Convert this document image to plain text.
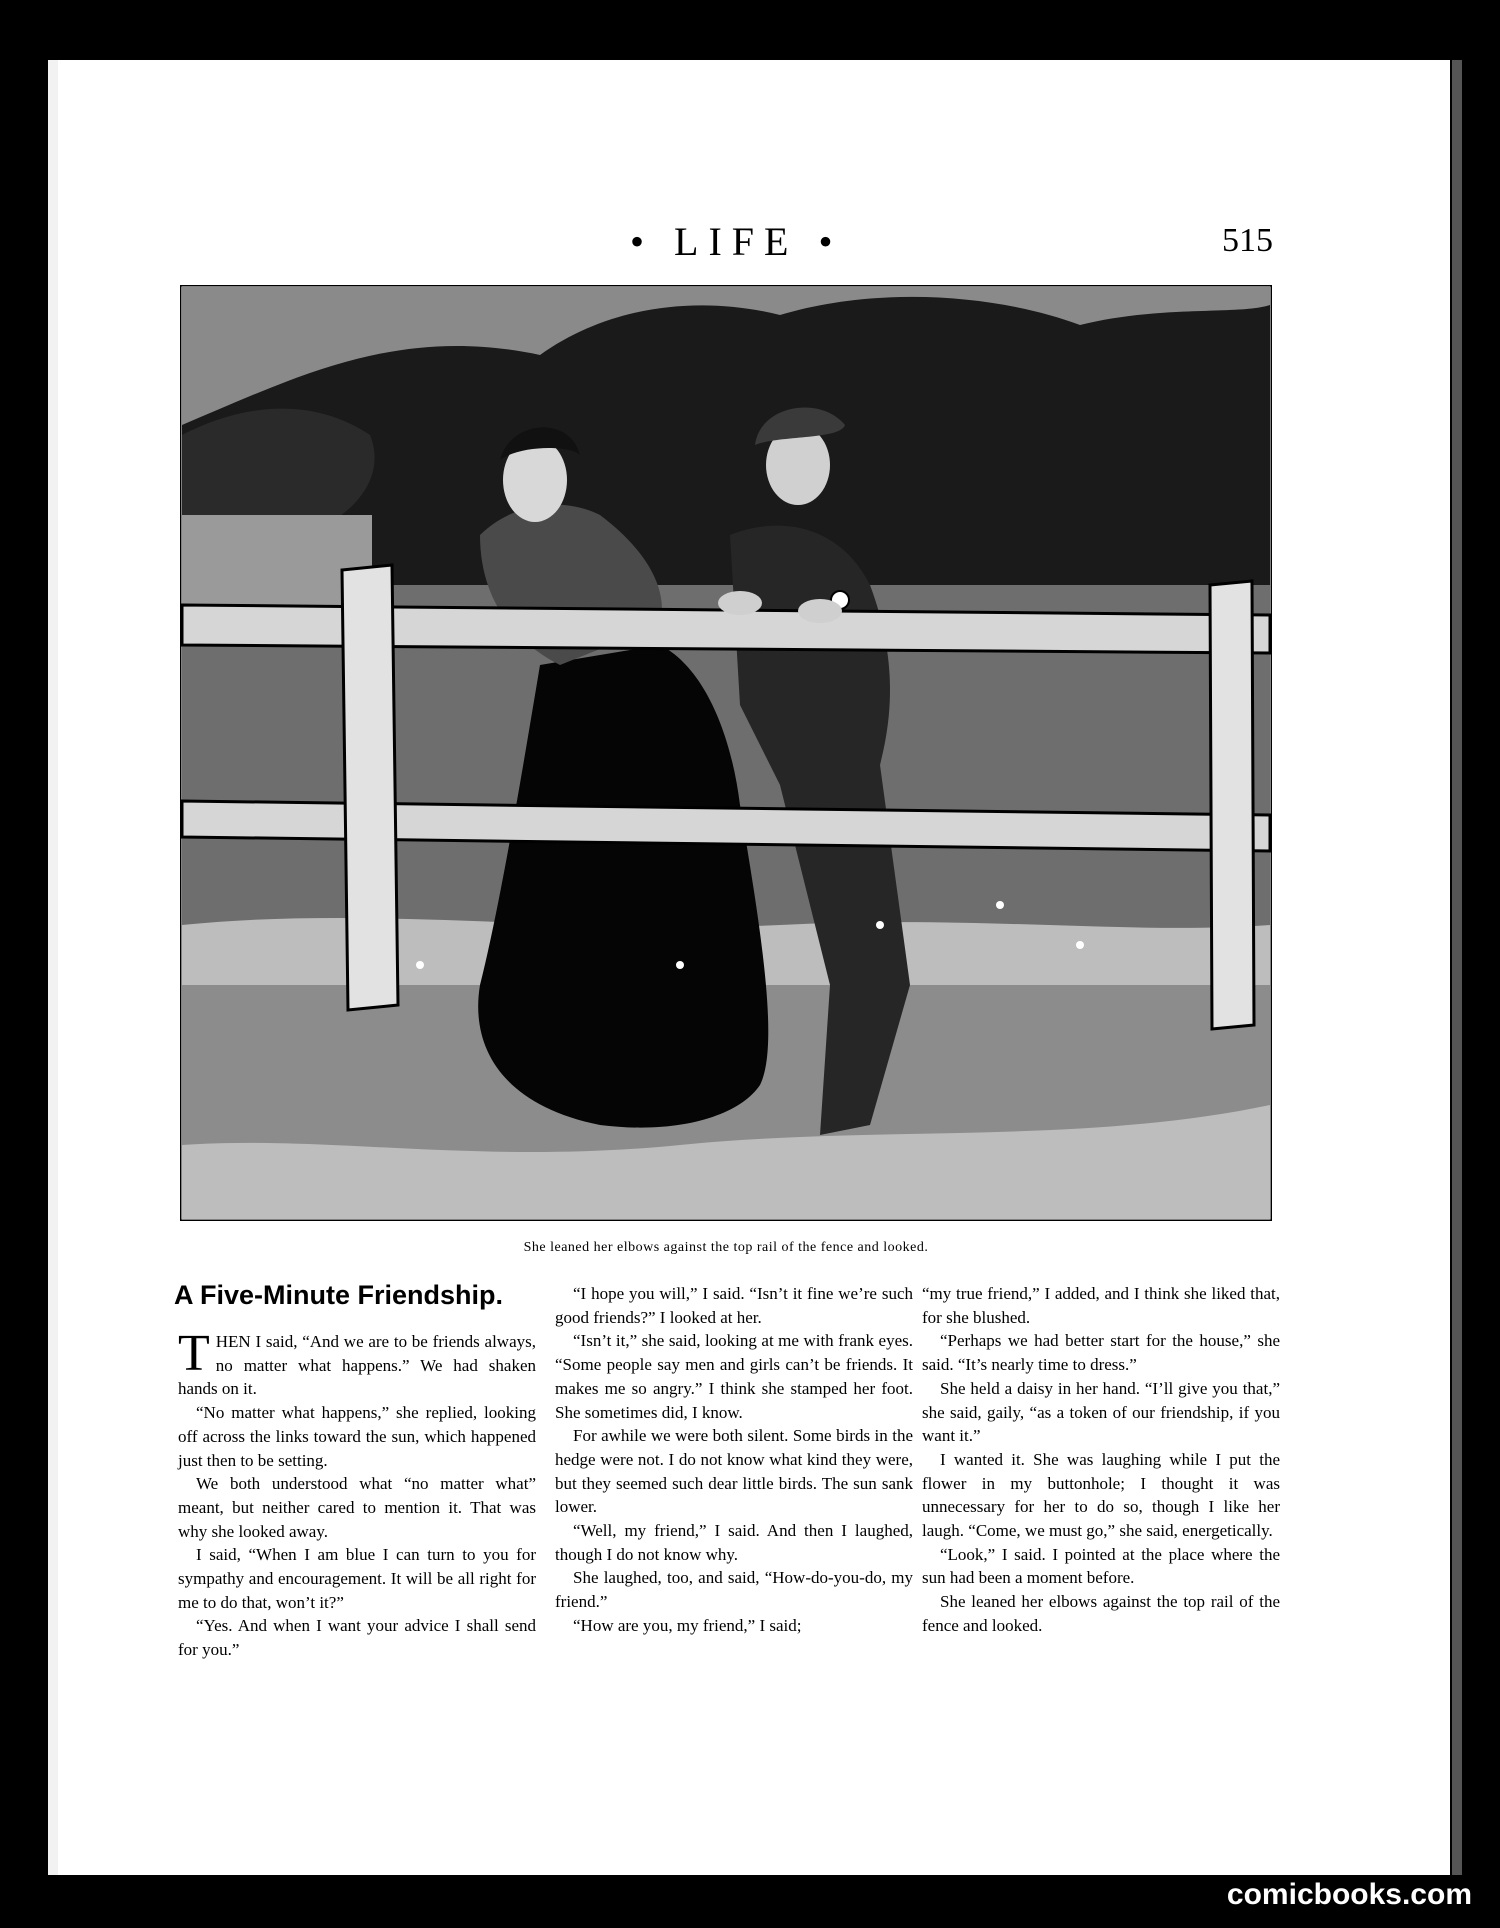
• LIFE •	515
She leaned her elbows against the top rail of the fence and looked.
A Five-Minute Friendship.

THEN I said, “And we are to be friends always, no matter what happens.” We had shaken hands on it.

“No matter what happens,” she replied, looking off across the links toward the sun, which happened just then to be setting.

We both understood what “no matter what” meant, but neither cared to mention it. That was why she looked away.

I said, “When I am blue I can turn to you for sympathy and encouragement. It will be all right for me to do that, won’t it?”

“Yes. And when I want your advice I shall send for you.”

“I hope you will,” I said. “Isn’t it fine we’re such good friends?” I looked at her.

“Isn’t it,” she said, looking at me with frank eyes. “Some people say men and girls can’t be friends. It makes me so angry.” I think she stamped her foot. She sometimes did, I know.

For awhile we were both silent. Some birds in the hedge were not. I do not know what kind they were, but they seemed such dear little birds. The sun sank lower.

“Well, my friend,” I said. And then I laughed, though I do not know why.

She laughed, too, and said, “How-do-you-do, my friend.”

“How are you, my friend,” I said;

“my true friend,” I added, and I think she liked that, for she blushed.

“Perhaps we had better start for the house,” she said. “It’s nearly time to dress.”

She held a daisy in her hand. “I’ll give you that,” she said, gaily, “as a token of our friendship, if you want it.”

I wanted it. She was laughing while I put the flower in my buttonhole; I thought it was unnecessary for her to do so, though I like her laugh. “Come, we must go,” she said, energetically.

“Look,” I said. I pointed at the place where the sun had been a moment before.

She leaned her elbows against the top rail of the fence and looked.

comicbooks.com
